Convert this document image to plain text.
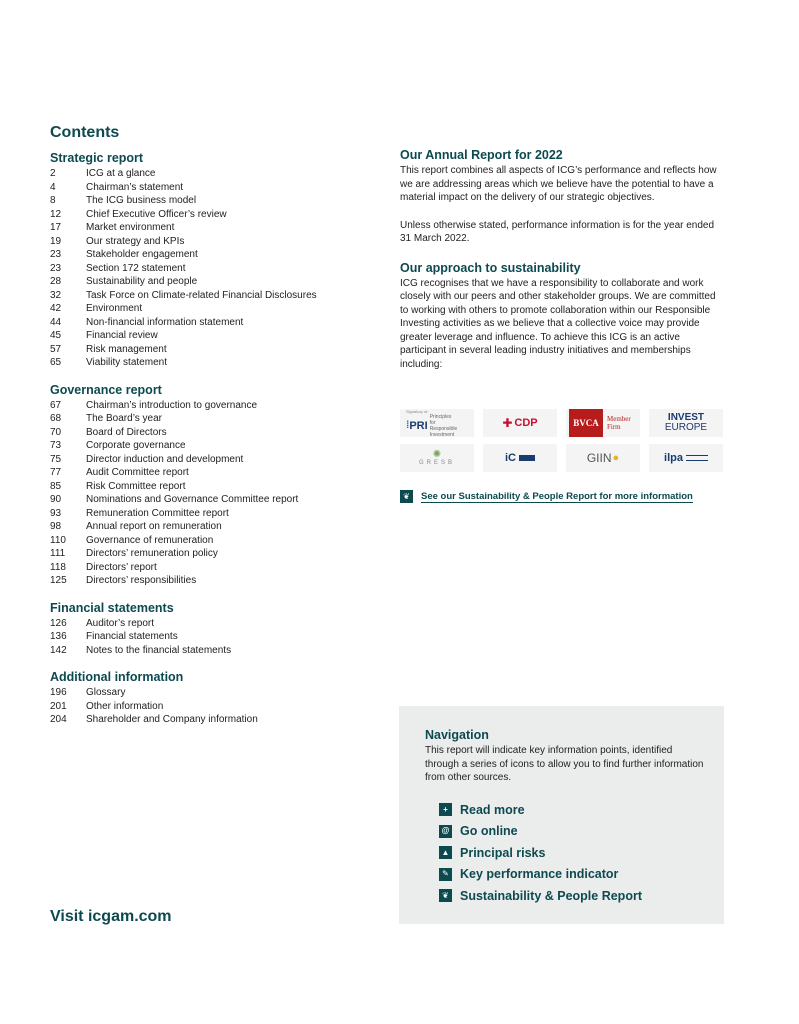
Contents
Strategic report
2	ICG at a glance
4	Chairman’s statement
8	The ICG business model
12	Chief Executive Officer’s review
17	Market environment
19	Our strategy and KPIs
23	Stakeholder engagement
23	Section 172 statement
28	Sustainability and people
32	Task Force on Climate-related Financial Disclosures
42	Environment
44	Non-financial information statement
45	Financial review
57	Risk management
65	Viability statement
Governance report
67	Chairman’s introduction to governance
68	The Board’s year
70	Board of Directors
73	Corporate governance
75	Director induction and development
77	Audit Committee report
85	Risk Committee report
90	Nominations and Governance Committee report
93	Remuneration Committee report
98	Annual report on remuneration
110	Governance of remuneration
111	Directors’ remuneration policy
118	Directors’ report
125	Directors’ responsibilities
Financial statements
126	Auditor’s report
136	Financial statements
142	Notes to the financial statements
Additional information
196	Glossary
201	Other information
204	Shareholder and Company information
Our Annual Report for 2022

This report combines all aspects of ICG’s performance and reflects how we are addressing areas which we believe have the potential to have a material impact on the delivery of our strategic objectives.

Unless otherwise stated, performance information is for the year ended 31 March 2022.

Our approach to sustainability

ICG recognises that we have a responsibility to collaborate and work closely with our peers and other stakeholder groups. We are committed to working with others to promote collaboration within our Responsible Investing activities as we believe that a collective voice may provide greater leverage and influence. To achieve this ICG is an active participant in several leading industry initiatives and memberships including:

Signatory of:
⁞ PRI
Principles for Responsible Investment
✚ CDP	BVCA	Member Firm
INVEST
EUROPE
✺
GRESB	iC	GIIN ●	ilpa
❦	See our Sustainability & People Report for more information
Navigation

This report will indicate key information points, identified through a series of icons to allow you to find further information from other sources.

+ Read more
@ Go online
▲ Principal risks
✎ Key performance indicator
❦ Sustainability & People Report

Visit icgam.com
